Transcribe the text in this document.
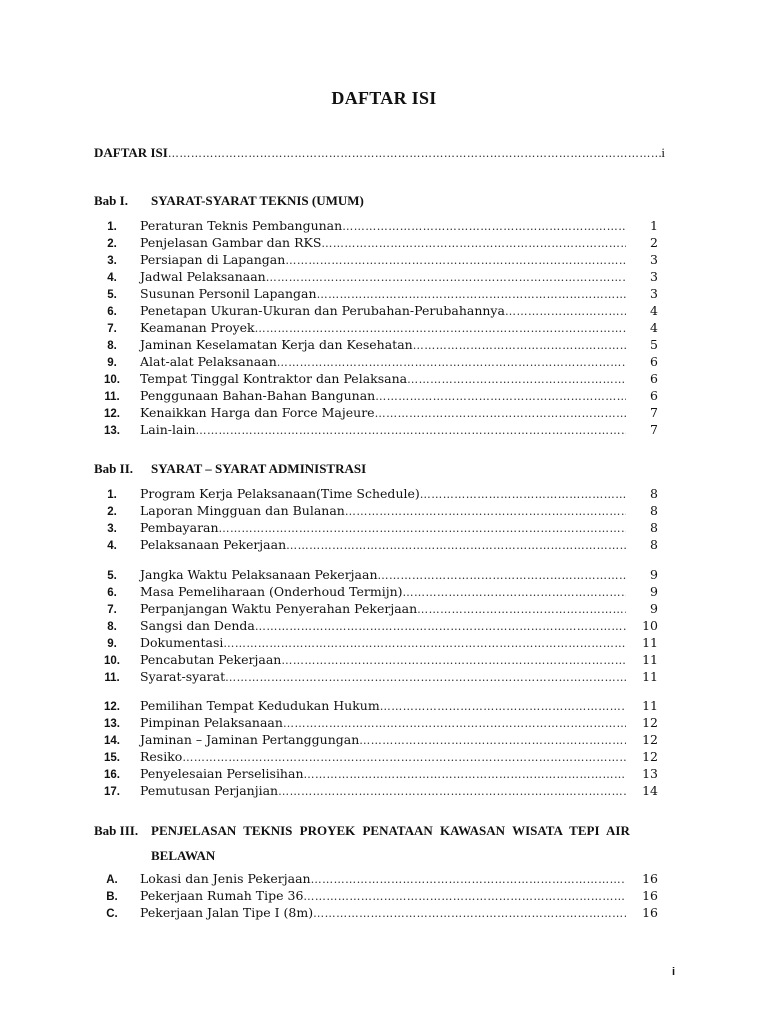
DAFTAR ISI
DAFTAR ISI ………………………………………………………………………………………………………………………………………………	i
Bab I. SYARAT-SYARAT TEKNIS (UMUM)
1.	Peraturan Teknis Pembangunan ………………………………………………………………………………………………………………………………………………	1
2.	Penjelasan Gambar dan RKS ………………………………………………………………………………………………………………………………………………	2
3.	Persiapan di Lapangan ………………………………………………………………………………………………………………………………………………	3
4.	Jadwal Pelaksanaan ………………………………………………………………………………………………………………………………………………	3
5.	Susunan Personil Lapangan ………………………………………………………………………………………………………………………………………………	3
6.	Penetapan Ukuran-Ukuran dan Perubahan-Perubahannya ………………………………………………………………………………………………………………………………………………	4
7.	Keamanan Proyek ………………………………………………………………………………………………………………………………………………	4
8.	Jaminan Keselamatan Kerja dan Kesehatan ………………………………………………………………………………………………………………………………………………	5
9.	Alat-alat Pelaksanaan ………………………………………………………………………………………………………………………………………………	6
10.	Tempat Tinggal Kontraktor dan Pelaksana ………………………………………………………………………………………………………………………………………………	6
11.	Penggunaan Bahan-Bahan Bangunan ………………………………………………………………………………………………………………………………………………	6
12.	Kenaikkan Harga dan Force Majeure ………………………………………………………………………………………………………………………………………………	7
13.	Lain-lain ………………………………………………………………………………………………………………………………………………	7
Bab II. SYARAT – SYARAT ADMINISTRASI
1.	Program Kerja Pelaksanaan(Time Schedule) ………………………………………………………………………………………………………………………………………………	8
2.	Laporan Mingguan dan Bulanan ………………………………………………………………………………………………………………………………………………	8
3.	Pembayaran ………………………………………………………………………………………………………………………………………………	8
4.	Pelaksanaan Pekerjaan ………………………………………………………………………………………………………………………………………………	8
5.	Jangka Waktu Pelaksanaan Pekerjaan ………………………………………………………………………………………………………………………………………………	9
6.	Masa Pemeliharaan (Onderhoud Termijn) ………………………………………………………………………………………………………………………………………………	9
7.	Perpanjangan Waktu Penyerahan Pekerjaan ………………………………………………………………………………………………………………………………………………	9
8.	Sangsi dan Denda ………………………………………………………………………………………………………………………………………………	10
9.	Dokumentasi ………………………………………………………………………………………………………………………………………………	11
10.	Pencabutan Pekerjaan ………………………………………………………………………………………………………………………………………………	11
11.	Syarat-syarat ………………………………………………………………………………………………………………………………………………	11
12.	Pemilihan Tempat Kedudukan Hukum ………………………………………………………………………………………………………………………………………………	11
13.	Pimpinan Pelaksanaan ………………………………………………………………………………………………………………………………………………	12
14.	Jaminan – Jaminan Pertanggungan ………………………………………………………………………………………………………………………………………………	12
15.	Resiko ………………………………………………………………………………………………………………………………………………	12
16.	Penyelesaian Perselisihan ………………………………………………………………………………………………………………………………………………	13
17.	Pemutusan Perjanjian ………………………………………………………………………………………………………………………………………………	14
Bab III. PENJELASAN TEKNIS PROYEK PENATAAN KAWASAN WISATA TEPI AIR
BELAWAN
A.	Lokasi dan Jenis Pekerjaan ………………………………………………………………………………………………………………………………………………	16
B.	Pekerjaan Rumah Tipe 36 ………………………………………………………………………………………………………………………………………………	16
C.	Pekerjaan Jalan Tipe I (8m) ………………………………………………………………………………………………………………………………………………	16
i
